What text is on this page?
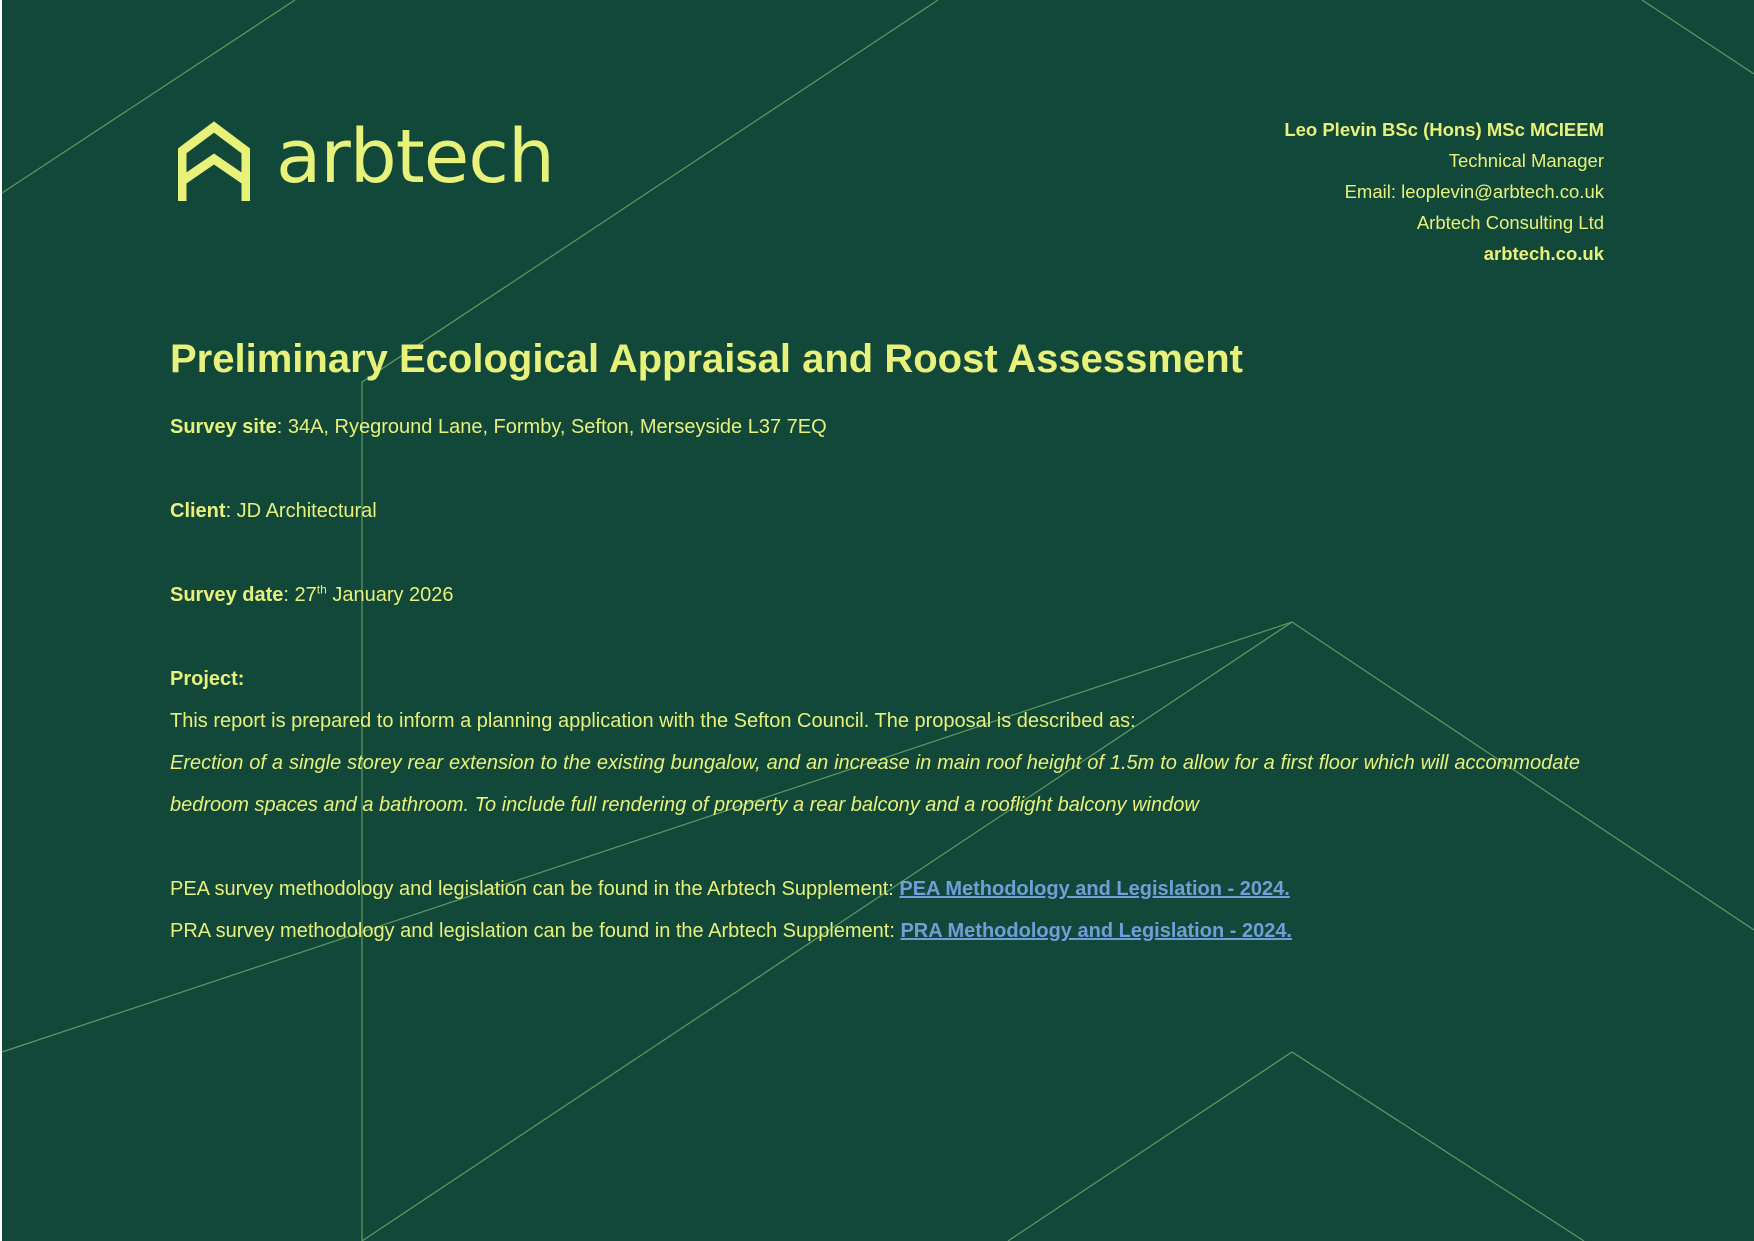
arbtech	Leo Plevin BSc (Hons) MSc MCIEEM
Technical Manager
Email: leoplevin@arbtech.co.uk
Arbtech Consulting Ltd
arbtech.co.uk
Preliminary Ecological Appraisal and Roost Assessment
Survey site: 34A, Ryeground Lane, Formby, Sefton, Merseyside L37 7EQ
Client: JD Architectural
Survey date: 27th January 2026
Project:
This report is prepared to inform a planning application with the Sefton Council. The proposal is described as:
Erection of a single storey rear extension to the existing bungalow, and an increase in main roof height of 1.5m to allow for a first floor which will accommodate bedroom spaces and a bathroom. To include full rendering of property a rear balcony and a rooflight balcony window
PEA survey methodology and legislation can be found in the Arbtech Supplement: PEA Methodology and Legislation - 2024.
PRA survey methodology and legislation can be found in the Arbtech Supplement: PRA Methodology and Legislation - 2024.
